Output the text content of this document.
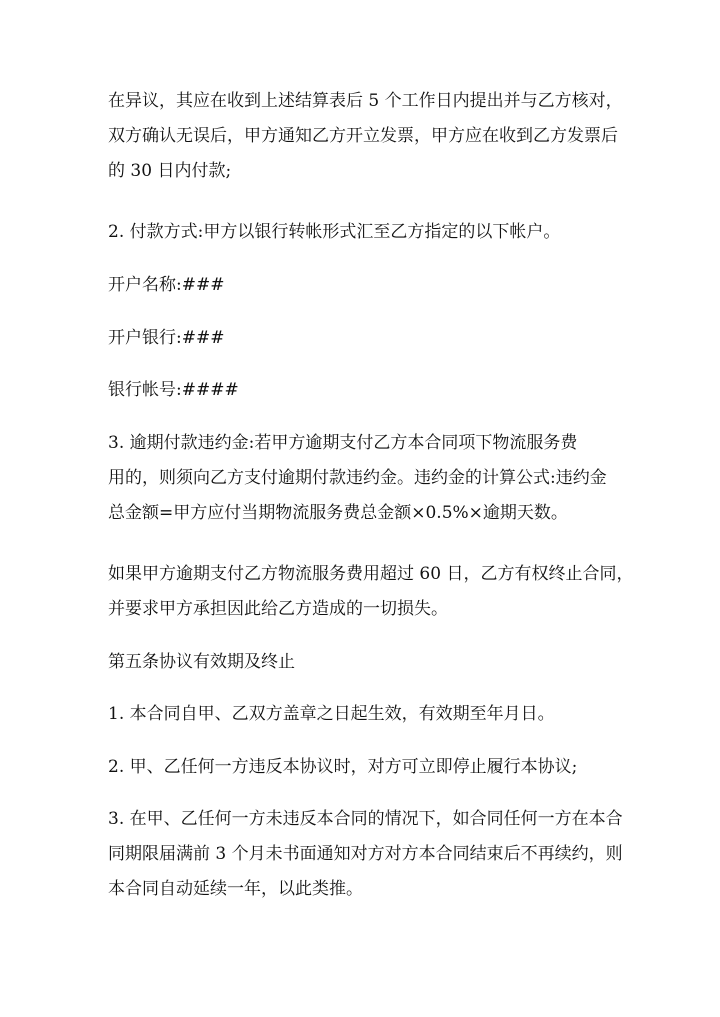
在异议，其应在收到上述结算表后 5 个工作日内提出并与乙方核对，
双方确认无误后，甲方通知乙方开立发票，甲方应在收到乙方发票后
的 30 日内付款;
2. 付款方式:甲方以银行转帐形式汇至乙方指定的以下帐户。
开户名称:###
开户银行:###
银行帐号:####
3. 逾期付款违约金:若甲方逾期支付乙方本合同项下物流服务费
用的，则须向乙方支付逾期付款违约金。违约金的计算公式:违约金
总金额=甲方应付当期物流服务费总金额×0.5%×逾期天数。
如果甲方逾期支付乙方物流服务费用超过 60 日，乙方有权终止合同，
并要求甲方承担因此给乙方造成的一切损失。
第五条协议有效期及终止
1. 本合同自甲、乙双方盖章之日起生效，有效期至年月日。
2. 甲、乙任何一方违反本协议时，对方可立即停止履行本协议;
3. 在甲、乙任何一方未违反本合同的情况下，如合同任何一方在本合
同期限届满前 3 个月未书面通知对方对方本合同结束后不再续约，则
本合同自动延续一年，以此类推。
